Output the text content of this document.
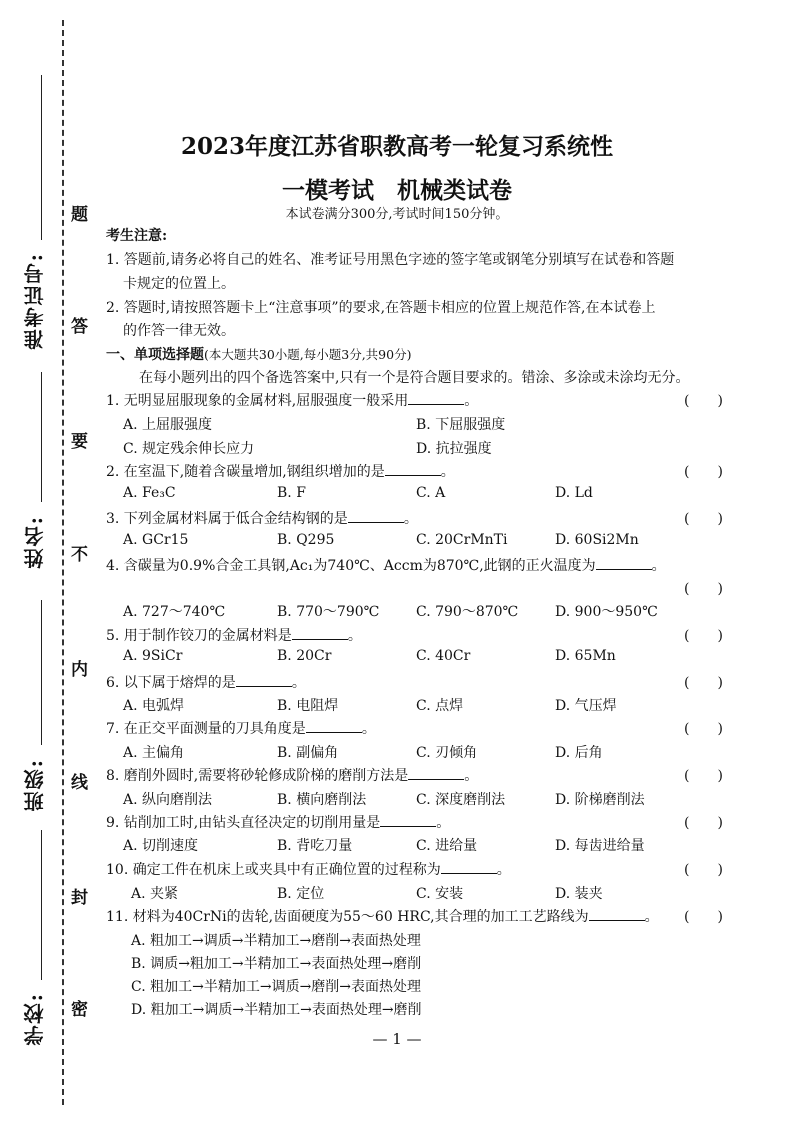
准考证号:
姓名:
班级:
学校:
题
答
要
不
内
线
封
密
2023年度江苏省职教高考一轮复习系统性
一模考试　机械类试卷
本试卷满分300分,考试时间150分钟。
考生注意:
1. 答题前,请务必将自己的姓名、准考证号用黑色字迹的签字笔或钢笔分别填写在试卷和答题
卡规定的位置上。
2. 答题时,请按照答题卡上“注意事项”的要求,在答题卡相应的位置上规范作答,在本试卷上
的作答一律无效。
一、单项选择题(本大题共30小题,每小题3分,共90分)
在每小题列出的四个备选答案中,只有一个是符合题目要求的。错涂、多涂或未涂均无分。
1. 无明显屈服现象的金属材料,屈服强度一般采用	。	(　　)
A. 上屈服强度	B. 下屈服强度
C. 规定残余伸长应力	D. 抗拉强度
2. 在室温下,随着含碳量增加,钢组织增加的是	。	(　　)
A. Fe₃C	B. F	C. A	D. Ld
3. 下列金属材料属于低合金结构钢的是	。	(　　)
A. GCr15	B. Q295	C. 20CrMnTi	D. 60Si2Mn
4. 含碳量为0.9%合金工具钢,Ac₁为740℃、Accm为870℃,此钢的正火温度为	。
(　　)
A. 727～740℃	B. 770～790℃	C. 790～870℃	D. 900～950℃
5. 用于制作铰刀的金属材料是	。	(　　)
A. 9SiCr	B. 20Cr	C. 40Cr	D. 65Mn
6. 以下属于熔焊的是	。	(　　)
A. 电弧焊	B. 电阻焊	C. 点焊	D. 气压焊
7. 在正交平面测量的刀具角度是	。	(　　)
A. 主偏角	B. 副偏角	C. 刃倾角	D. 后角
8. 磨削外圆时,需要将砂轮修成阶梯的磨削方法是	。	(　　)
A. 纵向磨削法	B. 横向磨削法	C. 深度磨削法	D. 阶梯磨削法
9. 钻削加工时,由钻头直径决定的切削用量是	。	(　　)
A. 切削速度	B. 背吃刀量	C. 进给量	D. 每齿进给量
10. 确定工件在机床上或夹具中有正确位置的过程称为	。	(　　)
A. 夹紧	B. 定位	C. 安装	D. 装夹
11. 材料为40CrNi的齿轮,齿面硬度为55～60 HRC,其合理的加工工艺路线为	。 (　　)
A. 粗加工→调质→半精加工→磨削→表面热处理
B. 调质→粗加工→半精加工→表面热处理→磨削
C. 粗加工→半精加工→调质→磨削→表面热处理
D. 粗加工→调质→半精加工→表面热处理→磨削
— 1 —
